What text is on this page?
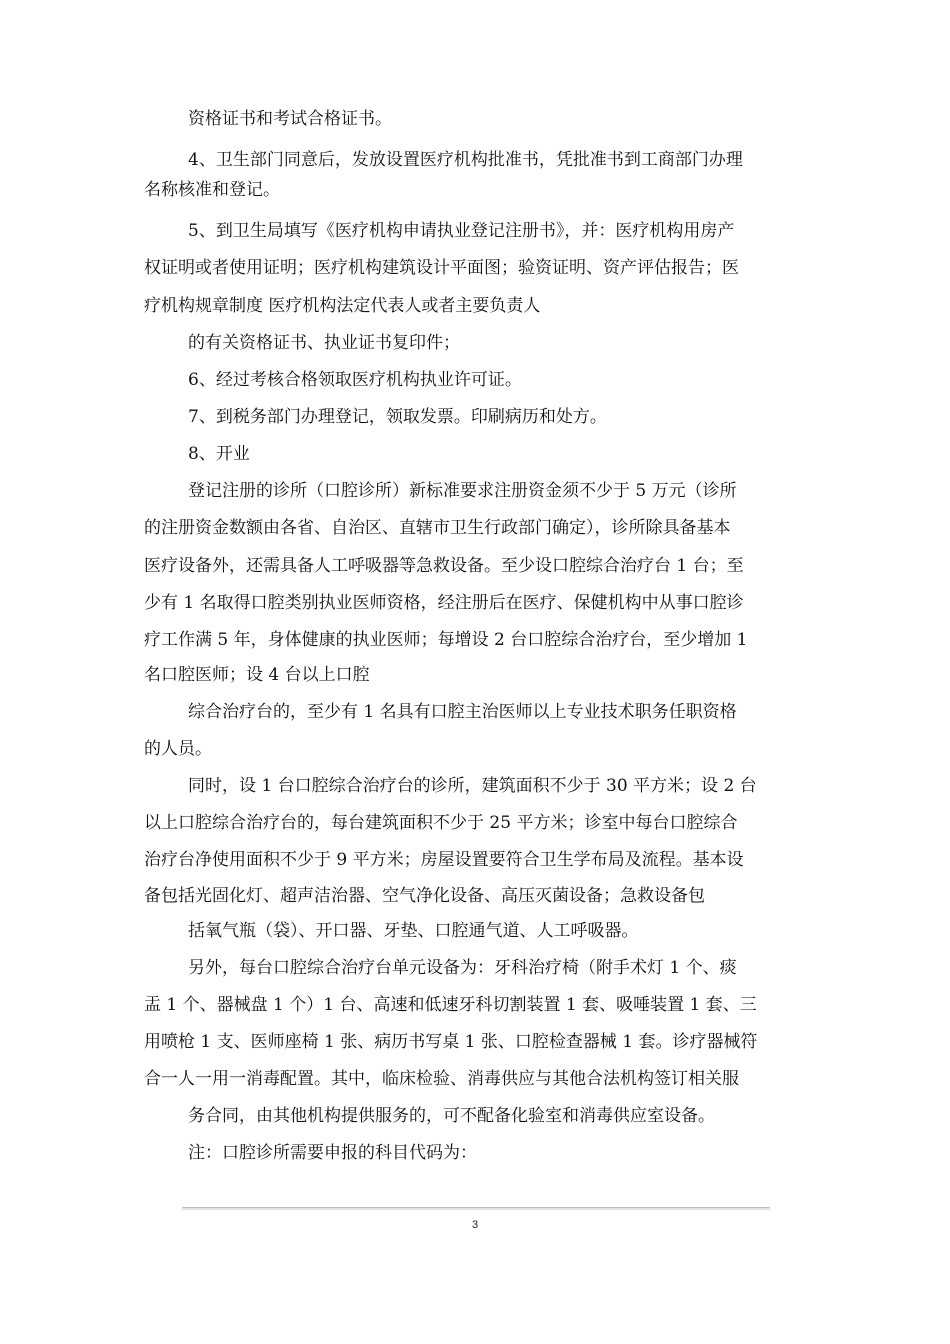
资格证书和考试合格证书。
4、卫生部门同意后，发放设置医疗机构批准书，凭批准书到工商部门办理
名称核准和登记。
5、到卫生局填写《医疗机构申请执业登记注册书》，并：医疗机构用房产
权证明或者使用证明；医疗机构建筑设计平面图；验资证明、资产评估报告；医
疗机构规章制度 医疗机构法定代表人或者主要负责人
的有关资格证书、执业证书复印件；
6、经过考核合格领取医疗机构执业许可证。
7、到税务部门办理登记，领取发票。印刷病历和处方。
8、开业
登记注册的诊所（口腔诊所）新标准要求注册资金须不少于 5 万元（诊所
的注册资金数额由各省、自治区、直辖市卫生行政部门确定），诊所除具备基本
医疗设备外，还需具备人工呼吸器等急救设备。至少设口腔综合治疗台 1 台；至
少有 1 名取得口腔类别执业医师资格，经注册后在医疗、保健机构中从事口腔诊
疗工作满 5 年，身体健康的执业医师；每增设 2 台口腔综合治疗台，至少增加 1
名口腔医师；设 4 台以上口腔
综合治疗台的，至少有 1 名具有口腔主治医师以上专业技术职务任职资格
的人员。
同时，设 1 台口腔综合治疗台的诊所，建筑面积不少于 30 平方米；设 2 台
以上口腔综合治疗台的，每台建筑面积不少于 25 平方米；诊室中每台口腔综合
治疗台净使用面积不少于 9 平方米；房屋设置要符合卫生学布局及流程。基本设
备包括光固化灯、超声洁治器、空气净化设备、高压灭菌设备；急救设备包
括氧气瓶（袋）、开口器、牙垫、口腔通气道、人工呼吸器。
另外，每台口腔综合治疗台单元设备为：牙科治疗椅（附手术灯 1 个、痰
盂 1 个、器械盘 1 个）1 台、高速和低速牙科切割装置 1 套、吸唾装置 1 套、三
用喷枪 1 支、医师座椅 1 张、病历书写桌 1 张、口腔检查器械 1 套。诊疗器械符
合一人一用一消毒配置。其中，临床检验、消毒供应与其他合法机构签订相关服
务合同，由其他机构提供服务的，可不配备化验室和消毒供应室设备。
注：口腔诊所需要申报的科目代码为：
3
